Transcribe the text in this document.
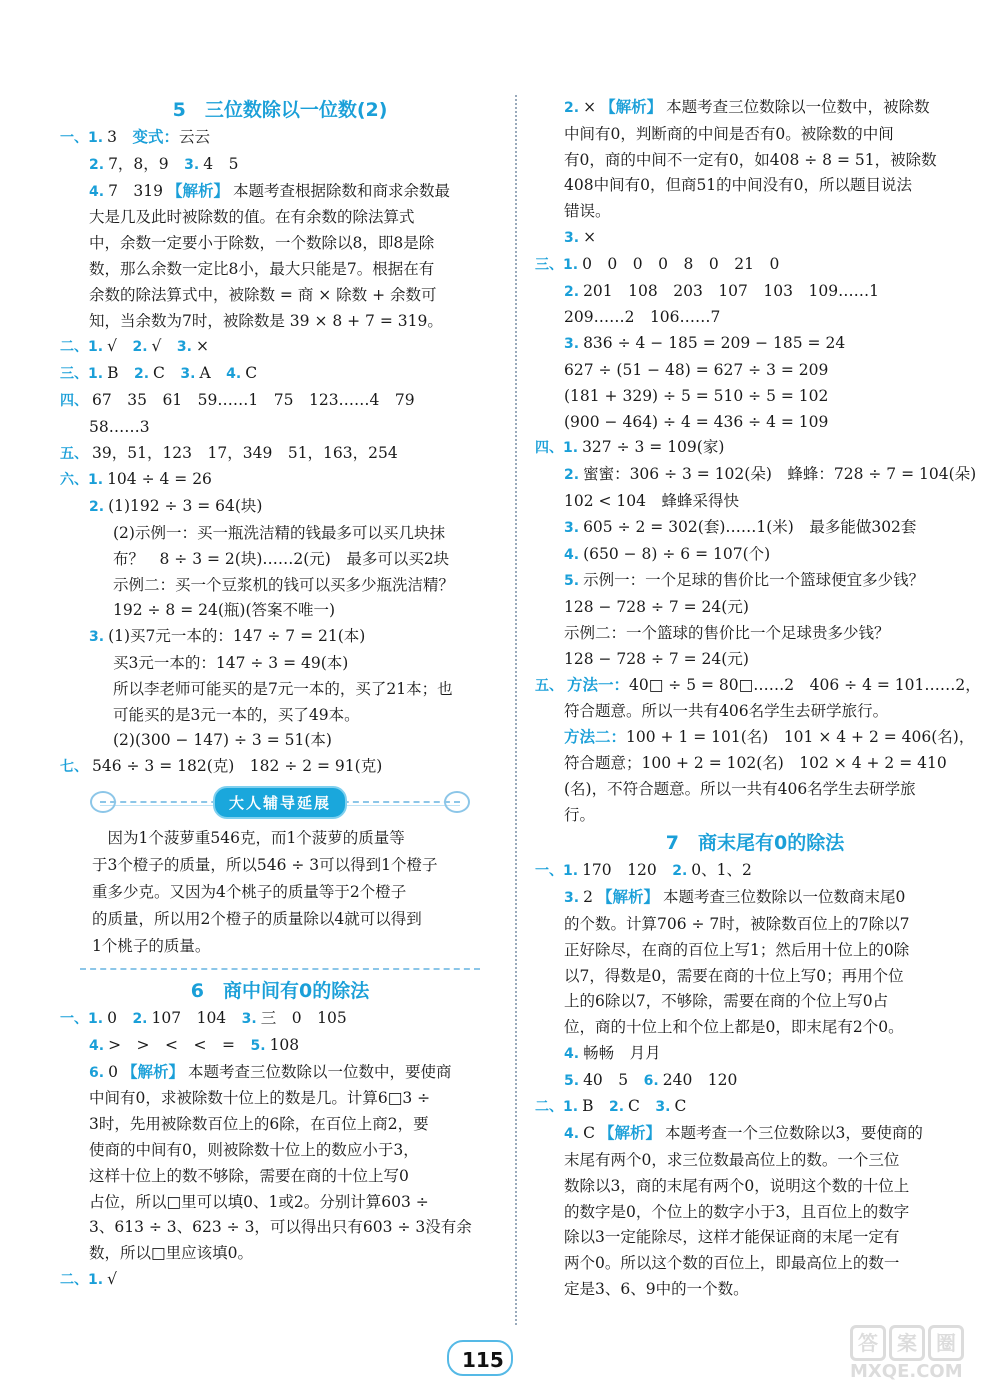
5　三位数除以一位数(2)
一、1. 3　变式：云云
2. 7，8，9　3. 4　5
4. 7　319 【解析】 本题考查根据除数和商求余数最
大是几及此时被除数的值。在有余数的除法算式
中，余数一定要小于除数，一个数除以8，即8是除
数，那么余数一定比8小，最大只能是7。根据在有
余数的除法算式中，被除数 = 商 × 除数 + 余数可
知，当余数为7时，被除数是 39 × 8 + 7 = 319。
二、1. √　2. √　3. ×
三、1. B　2. C　3. A　4. C
四、 67　35　61　59……1　75　123……4　79
58……3
五、 39，51，123　17，349　51，163，254
六、1. 104 ÷ 4 = 26
2. (1)192 ÷ 3 = 64(块)
(2)示例一：买一瓶洗洁精的钱最多可以买几块抹
布？　8 ÷ 3 = 2(块)……2(元)　最多可以买2块
示例二：买一个豆浆机的钱可以买多少瓶洗洁精？
192 ÷ 8 = 24(瓶)(答案不唯一)
3. (1)买7元一本的：147 ÷ 7 = 21(本)
买3元一本的：147 ÷ 3 = 49(本)
所以李老师可能买的是7元一本的，买了21本；也
可能买的是3元一本的，买了49本。
(2)(300 − 147) ÷ 3 = 51(本)
七、 546 ÷ 3 = 182(克)　182 ÷ 2 = 91(克)
大人辅导延展
　因为1个菠萝重546克，而1个菠萝的质量等
于3个橙子的质量，所以546 ÷ 3可以得到1个橙子
重多少克。又因为4个桃子的质量等于2个橙子
的质量，所以用2个橙子的质量除以4就可以得到
1个桃子的质量。
6　商中间有0的除法
一、1. 0　2. 107　104　3. 三　0　105
4. >　>　<　<　=　5. 108
6. 0 【解析】 本题考查三位数除以一位数中，要使商
中间有0，求被除数十位上的数是几。计算6□3 ÷
3时，先用被除数百位上的6除，在百位上商2，要
使商的中间有0，则被除数十位上的数应小于3，
这样十位上的数不够除，需要在商的十位上写0
占位，所以□里可以填0、1或2。分别计算603 ÷
3、613 ÷ 3、623 ÷ 3，可以得出只有603 ÷ 3没有余
数，所以□里应该填0。
二、1. √
2. × 【解析】 本题考查三位数除以一位数中，被除数
中间有0，判断商的中间是否有0。被除数的中间
有0，商的中间不一定有0，如408 ÷ 8 = 51，被除数
408中间有0，但商51的中间没有0，所以题目说法
错误。
3. ×
三、1. 0　0　0　0　8　0　21　0
2. 201　108　203　107　103　109……1
209……2　106……7
3. 836 ÷ 4 − 185 = 209 − 185 = 24
627 ÷ (51 − 48) = 627 ÷ 3 = 209
(181 + 329) ÷ 5 = 510 ÷ 5 = 102
(900 − 464) ÷ 4 = 436 ÷ 4 = 109
四、1. 327 ÷ 3 = 109(家)
2. 蜜蜜：306 ÷ 3 = 102(朵)　蜂蜂：728 ÷ 7 = 104(朵)
102 < 104　蜂蜂采得快
3. 605 ÷ 2 = 302(套)……1(米)　最多能做302套
4. (650 − 8) ÷ 6 = 107(个)
5. 示例一：一个足球的售价比一个篮球便宜多少钱？
128 − 728 ÷ 7 = 24(元)
示例二：一个篮球的售价比一个足球贵多少钱？
128 − 728 ÷ 7 = 24(元)
五、 方法一：40□ ÷ 5 = 80□……2　406 ÷ 4 = 101……2，
符合题意。所以一共有406名学生去研学旅行。
方法二：100 + 1 = 101(名)　101 × 4 + 2 = 406(名)，
符合题意；100 + 2 = 102(名)　102 × 4 + 2 = 410
(名)，不符合题意。所以一共有406名学生去研学旅
行。
7　商末尾有0的除法
一、1. 170　120　2. 0、1、2
3. 2 【解析】 本题考查三位数除以一位数商末尾0
的个数。计算706 ÷ 7时，被除数百位上的7除以7
正好除尽，在商的百位上写1；然后用十位上的0除
以7，得数是0，需要在商的十位上写0；再用个位
上的6除以7，不够除，需要在商的个位上写0占
位，商的十位上和个位上都是0，即末尾有2个0。
4. 畅畅　月月
5. 40　5　6. 240　120
二、1. B　2. C　3. C
4. C 【解析】 本题考查一个三位数除以3，要使商的
末尾有两个0，求三位数最高位上的数。一个三位
数除以3，商的末尾有两个0，说明这个数的十位上
的数字是0，个位上的数字小于3，且百位上的数字
除以3一定能除尽，这样才能保证商的末尾一定有
两个0。所以这个数的百位上，即最高位上的数一
定是3、6、9中的一个数。
115
答 案 圈
MXQE.COM
